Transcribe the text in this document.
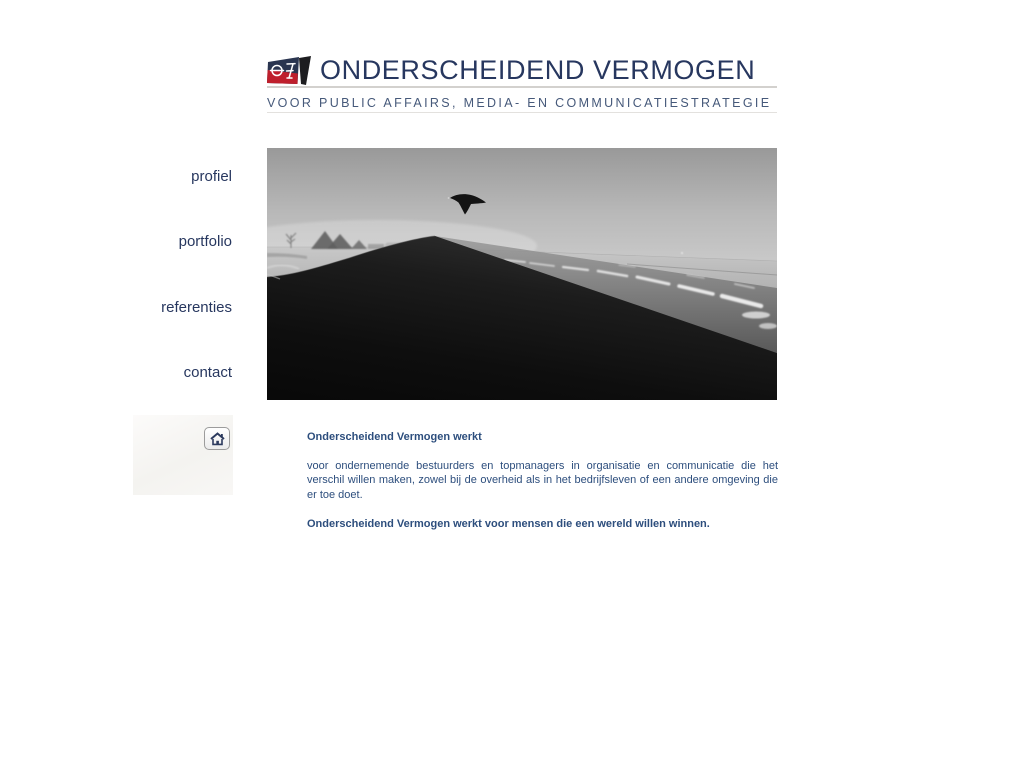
ONDERSCHEIDEND VERMOGEN
VOOR PUBLIC AFFAIRS, MEDIA- EN COMMUNICATIESTRATEGIE
profiel
portfolio
referenties
contact
Onderscheidend Vermogen werkt
voor ondernemende bestuurders en topmanagers in organisatie en communicatie die het verschil willen maken, zowel bij de overheid als in het bedrijfsleven of een andere omgeving die er toe doet.
Onderscheidend Vermogen werkt voor mensen die een wereld willen winnen.
